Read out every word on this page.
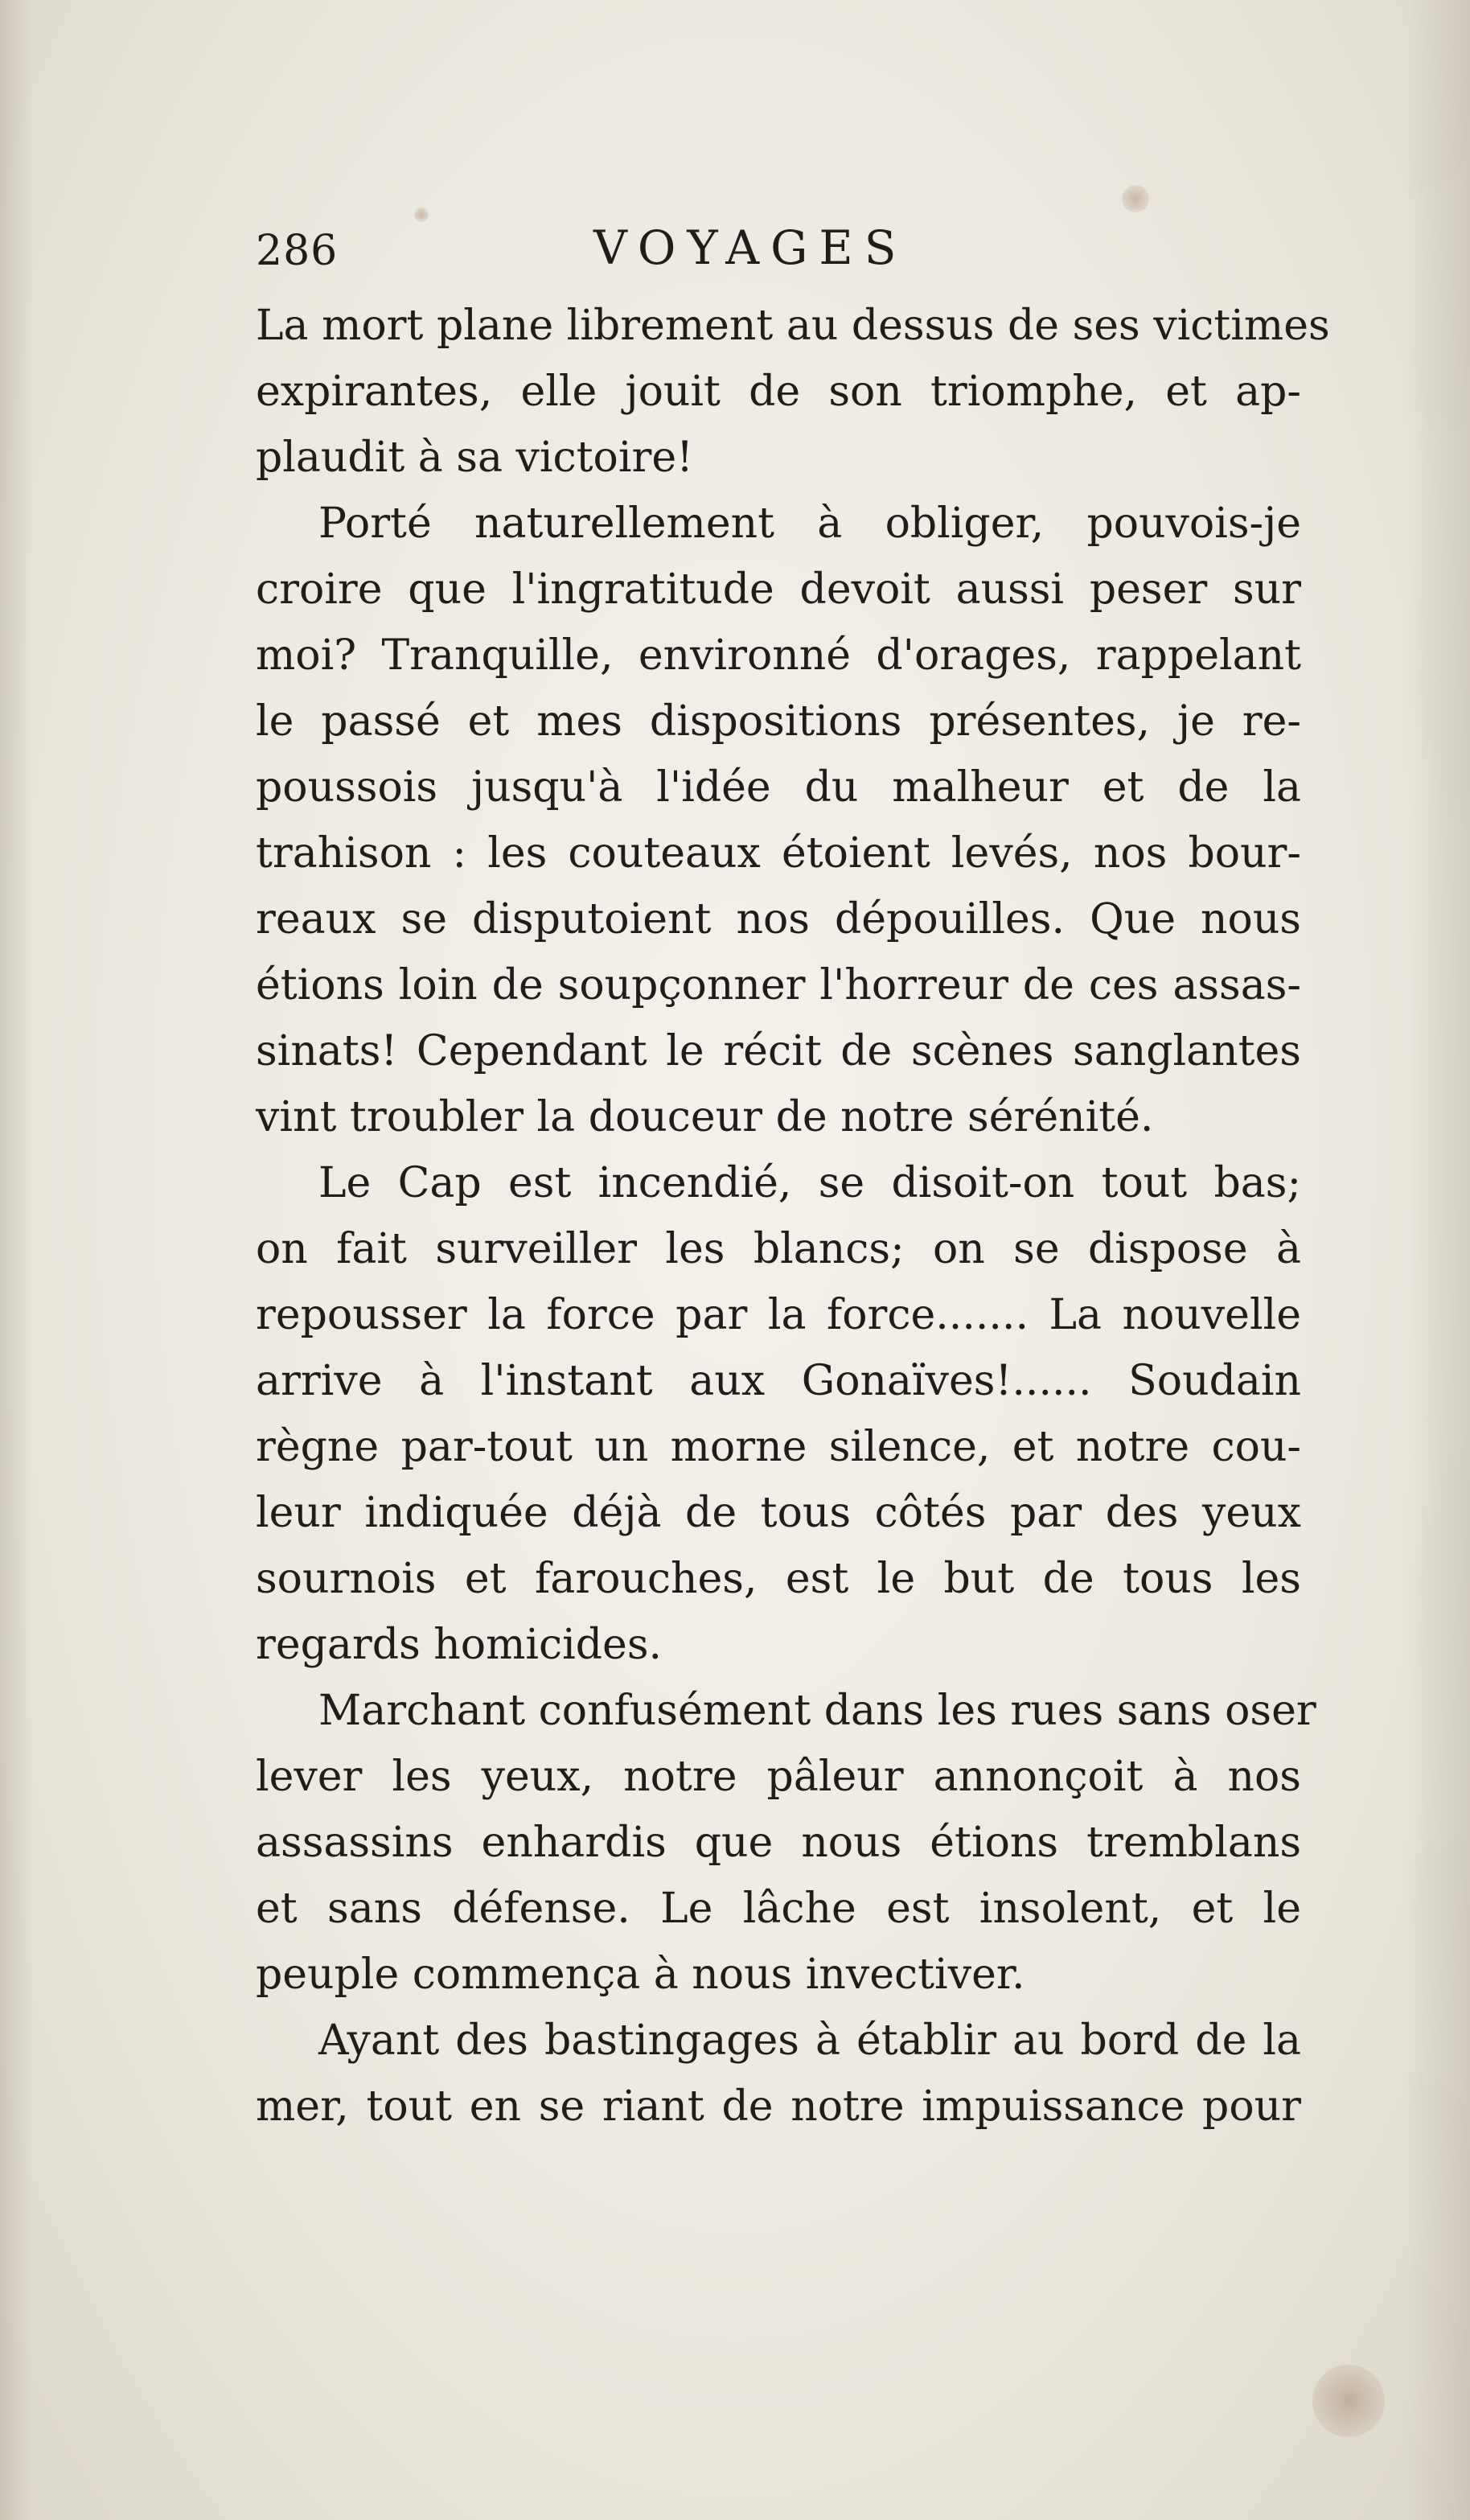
286	VOYAGES
La mort plane librement au dessus de ses victimes
expirantes, elle jouit de son triomphe, et ap-
plaudit à sa victoire!
Porté naturellement à obliger, pouvois-je
croire que l'ingratitude devoit aussi peser sur
moi? Tranquille, environné d'orages, rappelant
le passé et mes dispositions présentes, je re-
poussois jusqu'à l'idée du malheur et de la
trahison : les couteaux étoient levés, nos bour-
reaux se disputoient nos dépouilles. Que nous
étions loin de soupçonner l'horreur de ces assas-
sinats! Cependant le récit de scènes sanglantes
vint troubler la douceur de notre sérénité.
Le Cap est incendié, se disoit-on tout bas;
on fait surveiller les blancs; on se dispose à
repousser la force par la force....... La nouvelle
arrive à l'instant aux Gonaïves!...... Soudain
règne par-tout un morne silence, et notre cou-
leur indiquée déjà de tous côtés par des yeux
sournois et farouches, est le but de tous les
regards homicides.
Marchant confusément dans les rues sans oser
lever les yeux, notre pâleur annonçoit à nos
assassins enhardis que nous étions tremblans
et sans défense. Le lâche est insolent, et le
peuple commença à nous invectiver.
Ayant des bastingages à établir au bord de la
mer, tout en se riant de notre impuissance pour
